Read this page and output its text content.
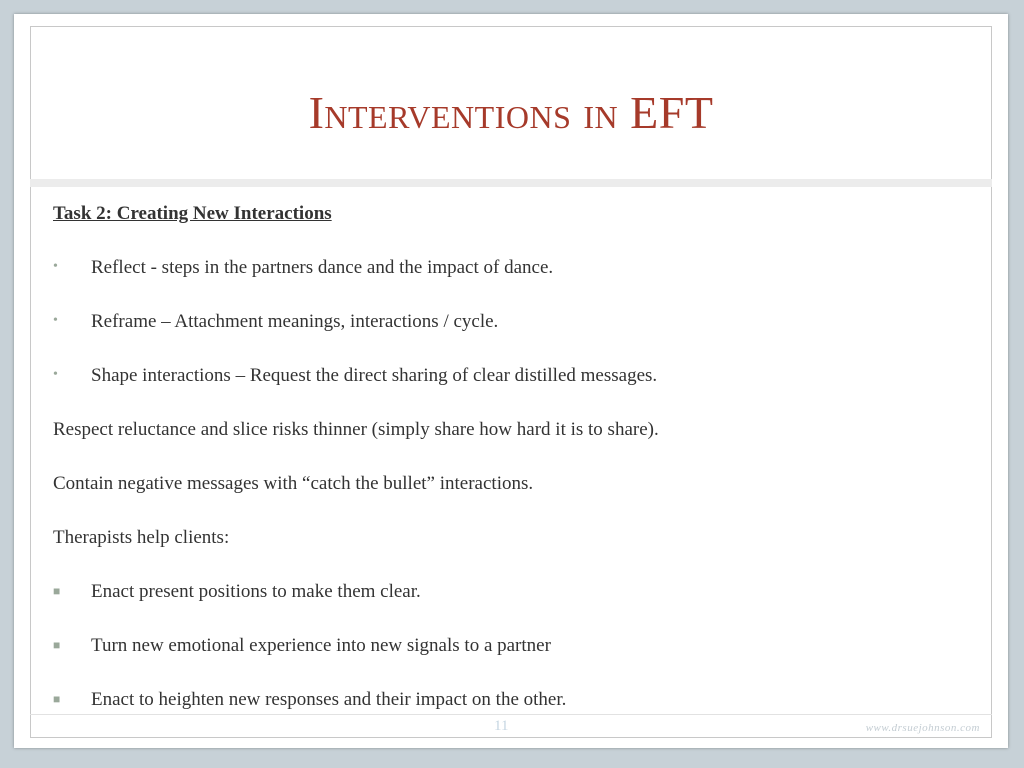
Interventions in EFT
Task 2: Creating New Interactions
• Reflect - steps in the partners dance and the impact of dance.
• Reframe – Attachment meanings, interactions / cycle.
• Shape interactions – Request the direct sharing of clear distilled messages.
Respect reluctance and slice risks thinner (simply share how hard it is to share).
Contain negative messages with “catch the bullet” interactions.
Therapists help clients:
■ Enact present positions to make them clear.
■ Turn new emotional experience into new signals to a partner
■ Enact to heighten new responses and their impact on the other.
11	www.drsuejohnson.com
